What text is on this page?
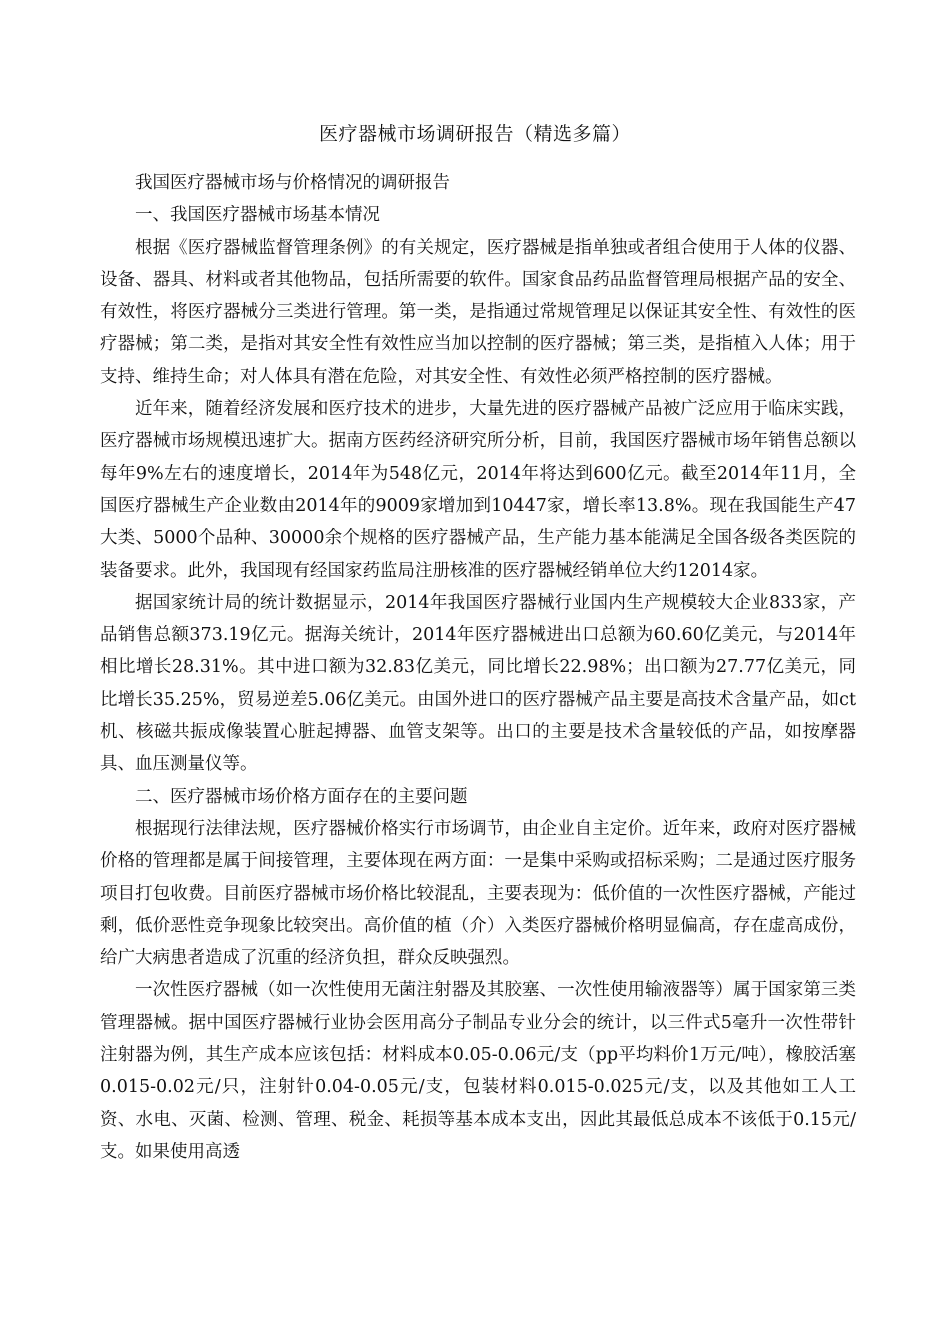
医疗器械市场调研报告（精选多篇）

我国医疗器械市场与价格情况的调研报告

一、我国医疗器械市场基本情况

根据《医疗器械监督管理条例》的有关规定，医疗器械是指单独或者组合使用于人体的仪器、设备、器具、材料或者其他物品，包括所需要的软件。国家食品药品监督管理局根据产品的安全、有效性，将医疗器械分三类进行管理。第一类，是指通过常规管理足以保证其安全性、有效性的医疗器械；第二类，是指对其安全性有效性应当加以控制的医疗器械；第三类，是指植入人体；用于支持、维持生命；对人体具有潜在危险，对其安全性、有效性必须严格控制的医疗器械。

近年来，随着经济发展和医疗技术的进步，大量先进的医疗器械产品被广泛应用于临床实践，医疗器械市场规模迅速扩大。据南方医药经济研究所分析，目前，我国医疗器械市场年销售总额以每年9%左右的速度增长，2014年为548亿元，2014年将达到600亿元。截至2014年11月，全国医疗器械生产企业数由2014年的9009家增加到10447家，增长率13.8%。现在我国能生产47大类、5000个品种、30000余个规格的医疗器械产品，生产能力基本能满足全国各级各类医院的装备要求。此外，我国现有经国家药监局注册核准的医疗器械经销单位大约12014家。

据国家统计局的统计数据显示，2014年我国医疗器械行业国内生产规模较大企业833家，产品销售总额373.19亿元。据海关统计，2014年医疗器械进出口总额为60.60亿美元，与2014年相比增长28.31%。其中进口额为32.83亿美元，同比增长22.98%；出口额为27.77亿美元，同比增长35.25%，贸易逆差5.06亿美元。由国外进口的医疗器械产品主要是高技术含量产品，如ct机、核磁共振成像装置心脏起搏器、血管支架等。出口的主要是技术含量较低的产品，如按摩器具、血压测量仪等。

二、医疗器械市场价格方面存在的主要问题

根据现行法律法规，医疗器械价格实行市场调节，由企业自主定价。近年来，政府对医疗器械价格的管理都是属于间接管理，主要体现在两方面：一是集中采购或招标采购；二是通过医疗服务项目打包收费。目前医疗器械市场价格比较混乱，主要表现为：低价值的一次性医疗器械，产能过剩，低价恶性竞争现象比较突出。高价值的植（介）入类医疗器械价格明显偏高，存在虚高成份，给广大病患者造成了沉重的经济负担，群众反映强烈。

一次性医疗器械（如一次性使用无菌注射器及其胶塞、一次性使用输液器等）属于国家第三类管理器械。据中国医疗器械行业协会医用高分子制品专业分会的统计，以三件式5毫升一次性带针注射器为例，其生产成本应该包括：材料成本0.05-0.06元/支（pp平均料价1万元/吨），橡胶活塞0.015-0.02元/只，注射针0.04-0.05元/支，包装材料0.015-0.025元/支，以及其他如工人工资、水电、灭菌、检测、管理、税金、耗损等基本成本支出，因此其最低总成本不该低于0.15元/支。如果使用高透
